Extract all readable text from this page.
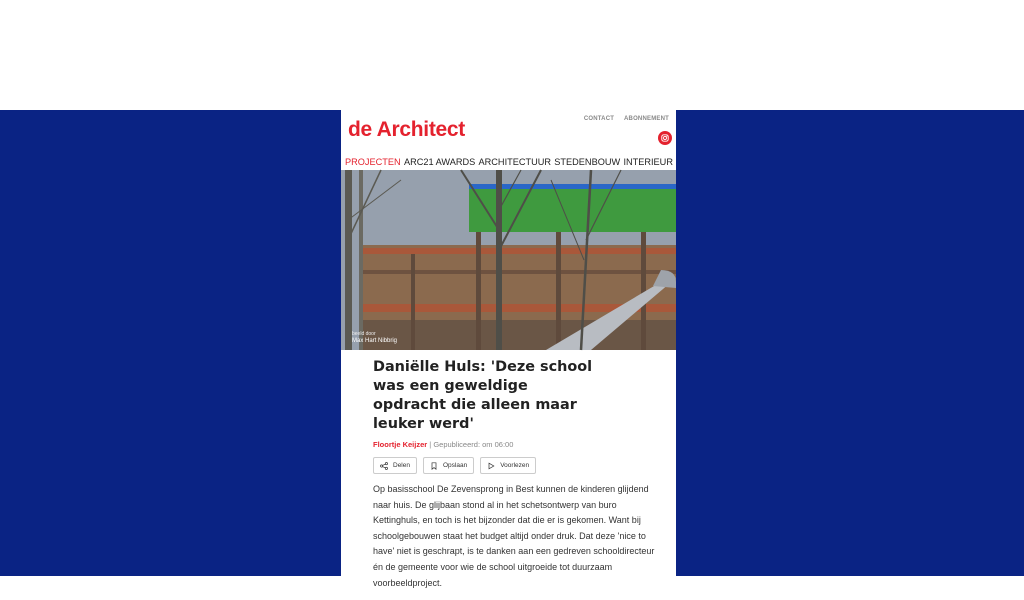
de Architect	CONTACT ABONNEMENT
PROJECTEN ARC21 AWARDS ARCHITECTUUR STEDENBOUW INTERIEUR
beeld door
Max Hart Nibbrig
Daniëlle Huls: 'Deze school was een geweldige opdracht die alleen maar leuker werd'
Floortje Keijzer | Gepubliceerd: om 06:00
Delen	Opslaan	Voorlezen

Op basisschool De Zevensprong in Best kunnen de kinderen glijdend naar huis. De glijbaan stond al in het schetsontwerp van buro Kettinghuls, en toch is het bijzonder dat die er is gekomen. Want bij schoolgebouwen staat het budget altijd onder druk. Dat deze 'nice to have' niet is geschrapt, is te danken aan een gedreven schooldirecteur én de gemeente voor wie de school uitgroeide tot duurzaam voorbeeldproject.
